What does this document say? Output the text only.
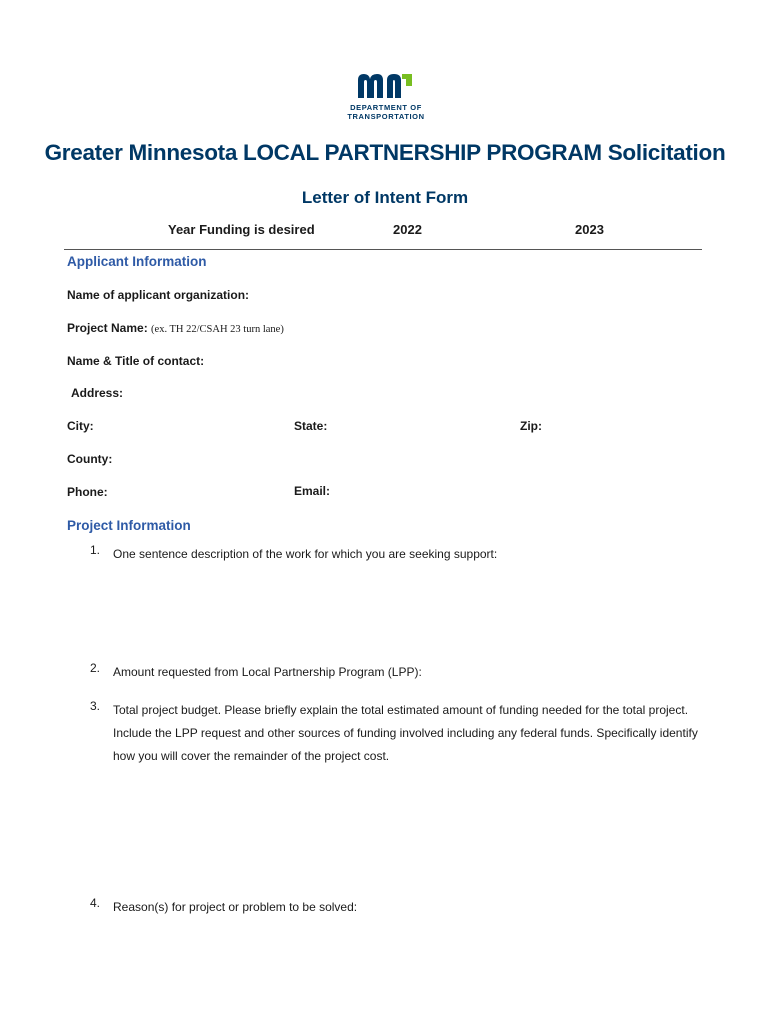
DEPARTMENT OF
TRANSPORTATION
Greater Minnesota LOCAL PARTNERSHIP PROGRAM Solicitation
Letter of Intent Form
Year Funding is desired	2022	2023
Applicant Information
Name of applicant organization:
Project Name: (ex. TH 22/CSAH 23 turn lane)
Name & Title of contact:
Address:
City:	State:	Zip:
County:
Phone:	Email:
Project Information
1. One sentence description of the work for which you are seeking support:
2. Amount requested from Local Partnership Program (LPP):
3. Total project budget. Please briefly explain the total estimated amount of funding needed for the total project. Include the LPP request and other sources of funding involved including any federal funds. Specifically identify how you will cover the remainder of the project cost.
4. Reason(s) for project or problem to be solved:
